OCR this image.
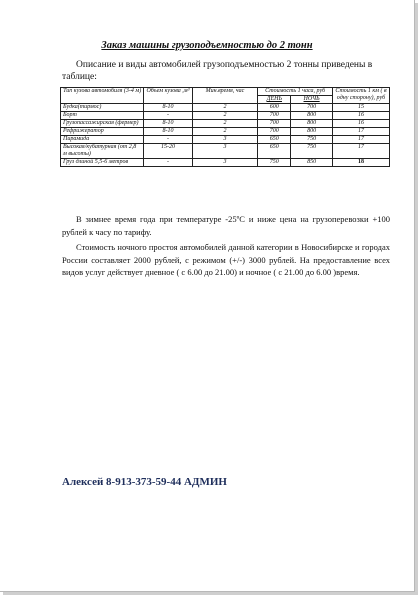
Заказ машины грузоподъемностью до 2 тонн
Описание и виды автомобилей грузоподъемностью 2 тонны приведены в таблице:
Тип кузова автомобиля (3-4 м)	Объем кузова ,м³	Мин.время, час	Стоимость 1 часа, руб		Стоимость 1 км ( в одну сторону), руб
			ДЕНЬ	НОЧЬ	
Будка(тирмос)	8-10	2	600	700	15
Борт	-	2	700	800	16
Грузопассажирская (фермер)	8-10	2	700	800	16
Рефрижератор	8-10	2	700	800	17
Пирамида	-	3	650	750	17
Высокая/кубатурная (от 2,8 м высоты)	15-20	3	650	750	17
Груз длиной 5,5-6 метров	-	3	750	850	18
В зимнее время года при температуре -25ºС и ниже цена на грузоперевозки +100 рублей к часу по тарифу.
Стоимость ночного простоя автомобилей данной категории в Новосибирске и городах России составляет 2000 рублей, с режимом (+/-) 3000 рублей. На предоставление всех видов услуг действует дневное ( с 6.00 до 21.00) и ночное ( с 21.00 до 6.00 )время.
Алексей 8-913-373-59-44 АДМИН
